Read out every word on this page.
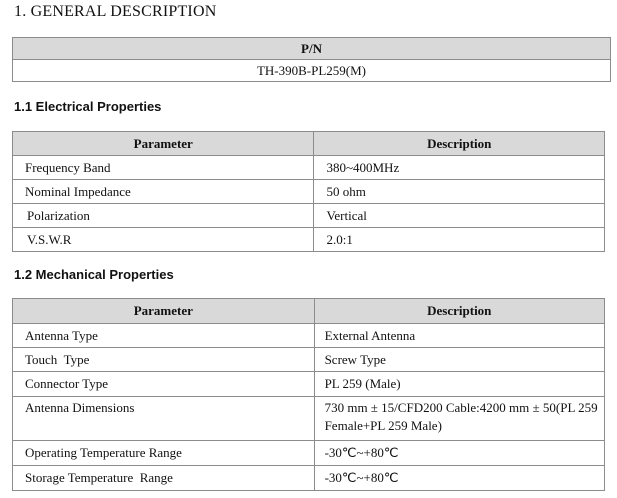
1. GENERAL DESCRIPTION
P/N
TH-390B-PL259(M)
1.1 Electrical Properties
Parameter	Description
Frequency Band	380~400MHz
Nominal Impedance	50 ohm
Polarization	Vertical
V.S.W.R	2.0:1
1.2 Mechanical Properties
Parameter	Description
Antenna Type	External Antenna
Touch  Type	Screw Type
Connector Type	PL 259 (Male)
Antenna Dimensions	730 mm ± 15/CFD200 Cable:4200 mm ± 50(PL 259 Female+PL 259 Male)
Operating Temperature Range	-30℃~+80℃
Storage Temperature  Range	-30℃~+80℃
